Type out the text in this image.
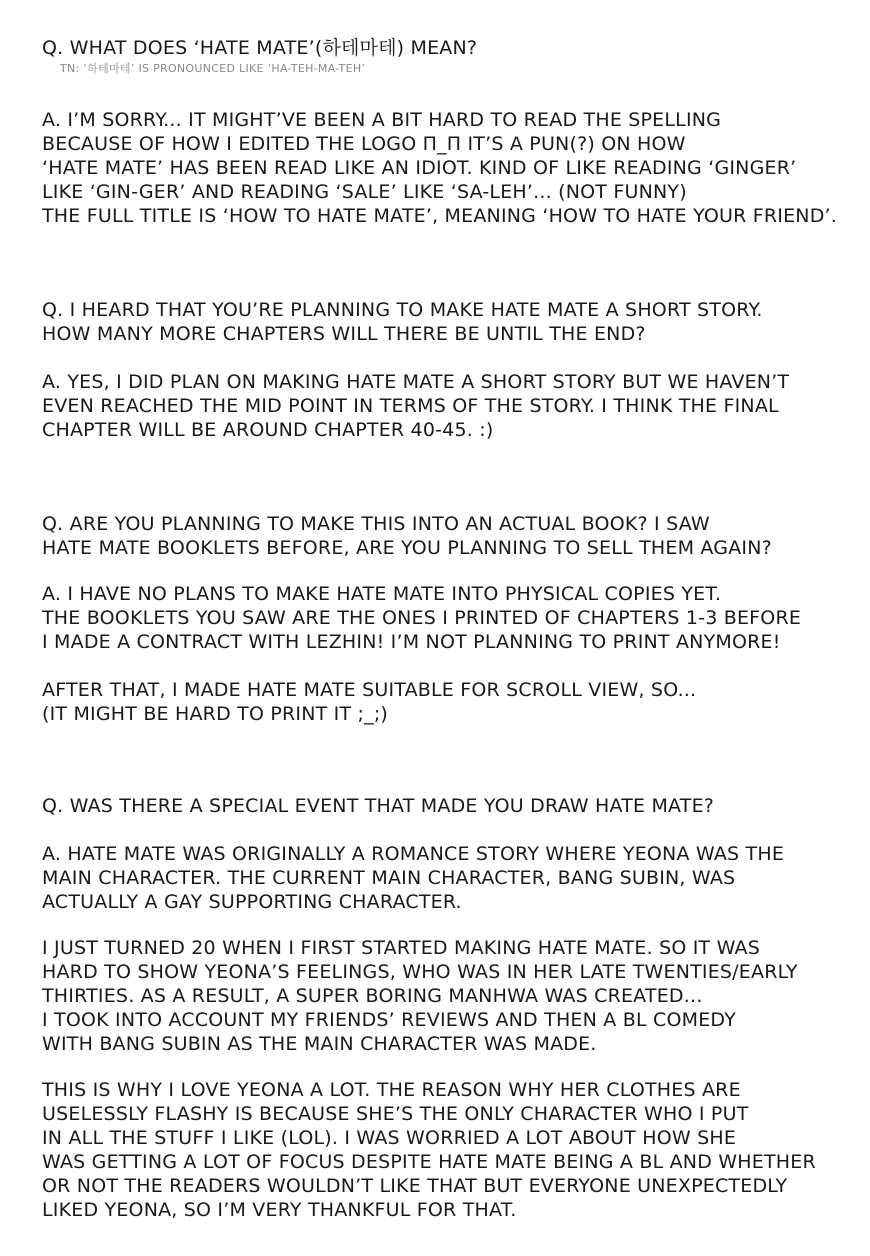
Q. WHAT DOES ‘HATE MATE’(하테마테) MEAN?
TN: ‘하테마테’ IS PRONOUNCED LIKE ‘HA-TEH-MA-TEH’
A. I’M SORRY... IT MIGHT’VE BEEN A BIT HARD TO READ THE SPELLING
BECAUSE OF HOW I EDITED THE LOGO Π_Π IT’S A PUN(?) ON HOW
‘HATE MATE’ HAS BEEN READ LIKE AN IDIOT. KIND OF LIKE READING ‘GINGER’
LIKE ‘GIN-GER’ AND READING ‘SALE’ LIKE ‘SA-LEH’... (NOT FUNNY)
THE FULL TITLE IS ‘HOW TO HATE MATE’, MEANING ‘HOW TO HATE YOUR FRIEND’.
Q. I HEARD THAT YOU’RE PLANNING TO MAKE HATE MATE A SHORT STORY.
HOW MANY MORE CHAPTERS WILL THERE BE UNTIL THE END?
A. YES, I DID PLAN ON MAKING HATE MATE A SHORT STORY BUT WE HAVEN’T
EVEN REACHED THE MID POINT IN TERMS OF THE STORY. I THINK THE FINAL
CHAPTER WILL BE AROUND CHAPTER 40-45. :)
Q. ARE YOU PLANNING TO MAKE THIS INTO AN ACTUAL BOOK? I SAW
HATE MATE BOOKLETS BEFORE, ARE YOU PLANNING TO SELL THEM AGAIN?
A. I HAVE NO PLANS TO MAKE HATE MATE INTO PHYSICAL COPIES YET.
THE BOOKLETS YOU SAW ARE THE ONES I PRINTED OF CHAPTERS 1-3 BEFORE
I MADE A CONTRACT WITH LEZHIN! I’M NOT PLANNING TO PRINT ANYMORE!
AFTER THAT, I MADE HATE MATE SUITABLE FOR SCROLL VIEW, SO...
(IT MIGHT BE HARD TO PRINT IT ;_;)
Q. WAS THERE A SPECIAL EVENT THAT MADE YOU DRAW HATE MATE?
A. HATE MATE WAS ORIGINALLY A ROMANCE STORY WHERE YEONA WAS THE
MAIN CHARACTER. THE CURRENT MAIN CHARACTER, BANG SUBIN, WAS
ACTUALLY A GAY SUPPORTING CHARACTER.
I JUST TURNED 20 WHEN I FIRST STARTED MAKING HATE MATE. SO IT WAS
HARD TO SHOW YEONA’S FEELINGS, WHO WAS IN HER LATE TWENTIES/EARLY
THIRTIES. AS A RESULT, A SUPER BORING MANHWA WAS CREATED...
I TOOK INTO ACCOUNT MY FRIENDS’ REVIEWS AND THEN A BL COMEDY
WITH BANG SUBIN AS THE MAIN CHARACTER WAS MADE.
THIS IS WHY I LOVE YEONA A LOT. THE REASON WHY HER CLOTHES ARE
USELESSLY FLASHY IS BECAUSE SHE’S THE ONLY CHARACTER WHO I PUT
IN ALL THE STUFF I LIKE (LOL). I WAS WORRIED A LOT ABOUT HOW SHE
WAS GETTING A LOT OF FOCUS DESPITE HATE MATE BEING A BL AND WHETHER
OR NOT THE READERS WOULDN’T LIKE THAT BUT EVERYONE UNEXPECTEDLY
LIKED YEONA, SO I’M VERY THANKFUL FOR THAT.
